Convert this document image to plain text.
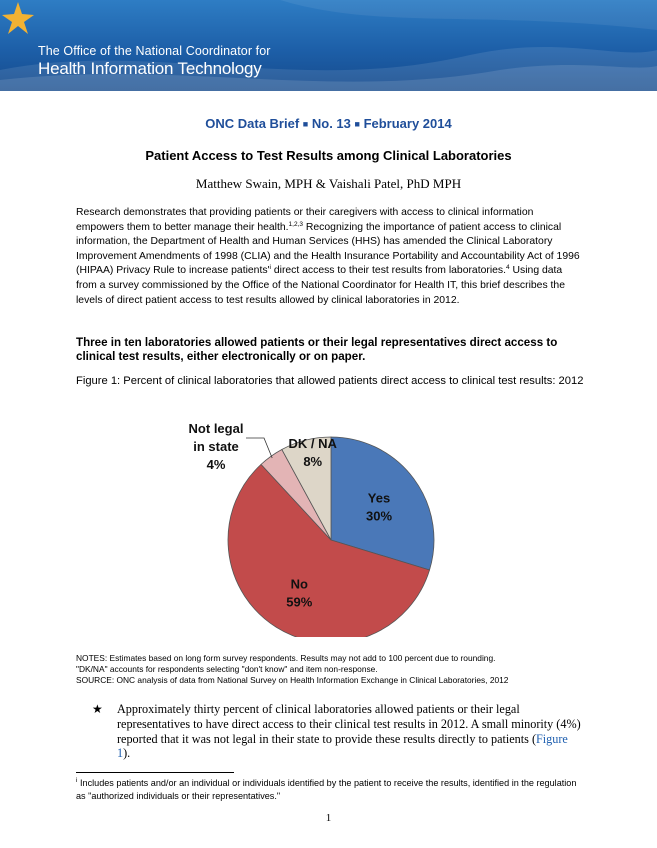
The Office of the National Coordinator for
Health Information Technology
ONC Data Brief ■ No. 13 ■ February 2014
Patient Access to Test Results among Clinical Laboratories
Matthew Swain, MPH & Vaishali Patel, PhD MPH
Research demonstrates that providing patients or their caregivers with access to clinical information empowers them to better manage their health.$^{1,2,3}$ Recognizing the importance of patient access to clinical information, the Department of Health and Human Services (HHS) has amended the Clinical Laboratory Improvement Amendments of 1998 (CLIA) and the Health Insurance Portability and Accountability Act of 1996 (HIPAA) Privacy Rule to increase $patients'^i$ direct access to their test results from laboratories.$^4$ Using data from a survey commissioned by the Office of the National Coordinator for Health IT, this brief describes the levels of direct patient access to test results allowed by clinical laboratories in 2012.
Three in ten laboratories allowed patients or their legal representatives direct access to clinical test results, either electronically or on paper.
Figure 1: Percent of clinical laboratories that allowed patients direct access to clinical test results: 2012
Yes
30%
No
59%
Not legal
in state
4%
DK / NA
8%
NOTES: Estimates based on long form survey respondents. Results may not add to 100 percent due to rounding.
"DK/NA" accounts for respondents selecting "don't know" and item non-response.
SOURCE: ONC analysis of data from National Survey on Health Information Exchange in Clinical Laboratories, 2012
★ Approximately thirty percent of clinical laboratories allowed patients or their legal representatives to have direct access to their clinical test results in 2012. A small minority (4%) reported that it was not legal in their state to provide these results directly to patients (Figure 1).
$^i$ Includes patients and/or an individual or individuals identified by the patient to receive the results, identified in the regulation as "authorized individuals or their representatives."
1
